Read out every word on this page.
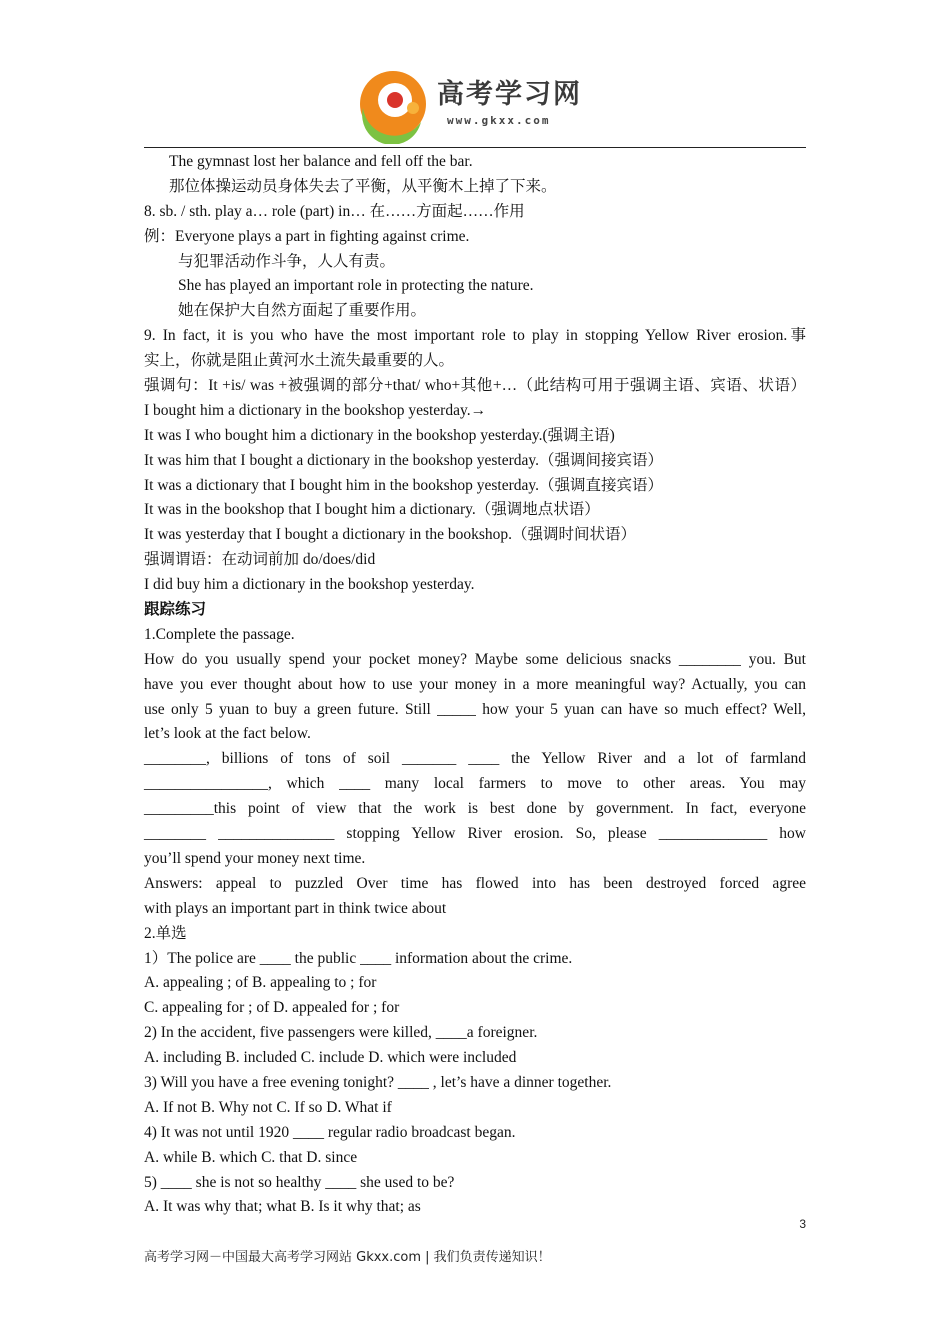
高考学习网
www.gkxx.com
The gymnast lost her balance and fell off the bar.
那位体操运动员身体失去了平衡，从平衡木上掉了下来。
8. sb. / sth. play a… role (part) in… 在……方面起……作用
例：Everyone plays a part in fighting against crime.
与犯罪活动作斗争，人人有责。
She has played an important role in protecting the nature.
她在保护大自然方面起了重要作用。
9. In fact, it is you who have the most important role to play in stopping Yellow River erosion.事
实上，你就是阻止黄河水土流失最重要的人。
强调句：It +is/ was +被强调的部分+that/ who+其他+…（此结构可用于强调主语、宾语、状语）
I bought him a dictionary in the bookshop yesterday.→
It was I who bought him a dictionary in the bookshop yesterday.(强调主语)
It was him that I bought a dictionary in the bookshop yesterday.（强调间接宾语）
It was a dictionary that I bought him in the bookshop yesterday.（强调直接宾语）
It was in the bookshop that I bought him a dictionary.（强调地点状语）
It was yesterday that I bought a dictionary in the bookshop.（强调时间状语）
强调谓语：在动词前加 do/does/did
I did buy him a dictionary in the bookshop yesterday.
跟踪练习
1.Complete the passage.
How do you usually spend your pocket money? Maybe some delicious snacks ________ you. But
have you ever thought about how to use your money in a more meaningful way? Actually, you can
use only 5 yuan to buy a green future. Still _____ how your 5 yuan can have so much effect? Well,
let’s look at the fact below.
________, billions of tons of soil _______ ____ the Yellow River and a lot of farmland
________________, which ____ many local farmers to move to other areas. You may
_________this point of view that the work is best done by government. In fact, everyone
________ _______________ stopping Yellow River erosion. So, please ______________ how
you’ll spend your money next time.
Answers: appeal to puzzled Over time has flowed into has been destroyed forced agree
with plays an important part in think twice about
2.单选
1）The police are ____ the public ____ information about the crime.
A. appealing ; of B. appealing to ; for
C. appealing for ; of D. appealed for ; for
2) In the accident, five passengers were killed, ____a foreigner.
A. including B. included C. include D. which were included
3) Will you have a free evening tonight? ____ , let’s have a dinner together.
A. If not B. Why not C. If so D. What if
4) It was not until 1920 ____ regular radio broadcast began.
A. while B. which C. that D. since
5) ____ she is not so healthy ____ she used to be?
A. It was why that; what B. Is it why that; as
3
高考学习网－中国最大高考学习网站 Gkxx.com | 我们负责传递知识！
